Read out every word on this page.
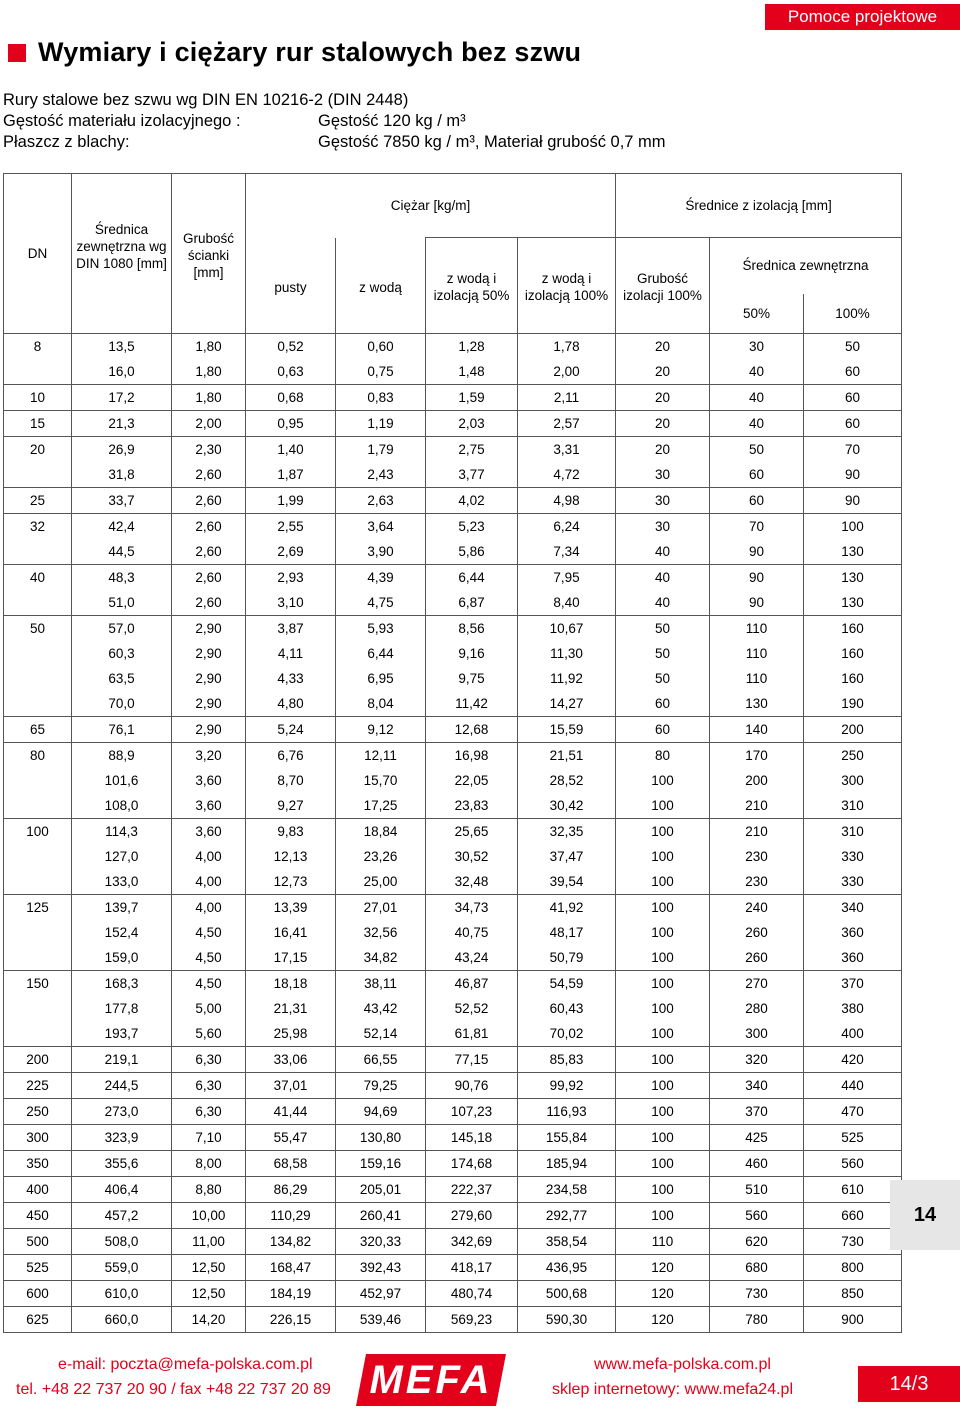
Pomoce projektowe
Wymiary i ciężary rur stalowych bez szwu
Rury stalowe bez szwu wg DIN EN 10216-2 (DIN 2448)
Gęstość materiału izolacyjnego :	Gęstość 120 kg / m³
Płaszcz z blachy:	Gęstość 7850 kg / m³, Materiał grubość 0,7 mm
DN	Średnica zewnętrzna wg DIN 1080 [mm]	Grubość ścianki [mm]	Ciężar [kg/m]				Średnice z izolacją [mm]		
			pusty	z wodą	z wodą i izolacją 50%	z wodą i izolacją 100%	Grubość izolacji 100%	Średnica zewnętrzna	
								50%	100%
8	13,5	1,80	0,52	0,60	1,28	1,78	20	30	50
	16,0	1,80	0,63	0,75	1,48	2,00	20	40	60
10	17,2	1,80	0,68	0,83	1,59	2,11	20	40	60
15	21,3	2,00	0,95	1,19	2,03	2,57	20	40	60
20	26,9	2,30	1,40	1,79	2,75	3,31	20	50	70
	31,8	2,60	1,87	2,43	3,77	4,72	30	60	90
25	33,7	2,60	1,99	2,63	4,02	4,98	30	60	90
32	42,4	2,60	2,55	3,64	5,23	6,24	30	70	100
	44,5	2,60	2,69	3,90	5,86	7,34	40	90	130
40	48,3	2,60	2,93	4,39	6,44	7,95	40	90	130
	51,0	2,60	3,10	4,75	6,87	8,40	40	90	130
50	57,0	2,90	3,87	5,93	8,56	10,67	50	110	160
	60,3	2,90	4,11	6,44	9,16	11,30	50	110	160
	63,5	2,90	4,33	6,95	9,75	11,92	50	110	160
	70,0	2,90	4,80	8,04	11,42	14,27	60	130	190
65	76,1	2,90	5,24	9,12	12,68	15,59	60	140	200
80	88,9	3,20	6,76	12,11	16,98	21,51	80	170	250
	101,6	3,60	8,70	15,70	22,05	28,52	100	200	300
	108,0	3,60	9,27	17,25	23,83	30,42	100	210	310
100	114,3	3,60	9,83	18,84	25,65	32,35	100	210	310
	127,0	4,00	12,13	23,26	30,52	37,47	100	230	330
	133,0	4,00	12,73	25,00	32,48	39,54	100	230	330
125	139,7	4,00	13,39	27,01	34,73	41,92	100	240	340
	152,4	4,50	16,41	32,56	40,75	48,17	100	260	360
	159,0	4,50	17,15	34,82	43,24	50,79	100	260	360
150	168,3	4,50	18,18	38,11	46,87	54,59	100	270	370
	177,8	5,00	21,31	43,42	52,52	60,43	100	280	380
	193,7	5,60	25,98	52,14	61,81	70,02	100	300	400
200	219,1	6,30	33,06	66,55	77,15	85,83	100	320	420
225	244,5	6,30	37,01	79,25	90,76	99,92	100	340	440
250	273,0	6,30	41,44	94,69	107,23	116,93	100	370	470
300	323,9	7,10	55,47	130,80	145,18	155,84	100	425	525
350	355,6	8,00	68,58	159,16	174,68	185,94	100	460	560
400	406,4	8,80	86,29	205,01	222,37	234,58	100	510	610
450	457,2	10,00	110,29	260,41	279,60	292,77	100	560	660
500	508,0	11,00	134,82	320,33	342,69	358,54	110	620	730
525	559,0	12,50	168,47	392,43	418,17	436,95	120	680	800
600	610,0	12,50	184,19	452,97	480,74	500,68	120	730	850
625	660,0	14,20	226,15	539,46	569,23	590,30	120	780	900
14
e-mail: poczta@mefa-polska.com.pl
tel. +48 22 737 20 90 / fax +48 22 737 20 89 MEFA	www.mefa-polska.com.pl
sklep internetowy: www.mefa24.pl	14/3
